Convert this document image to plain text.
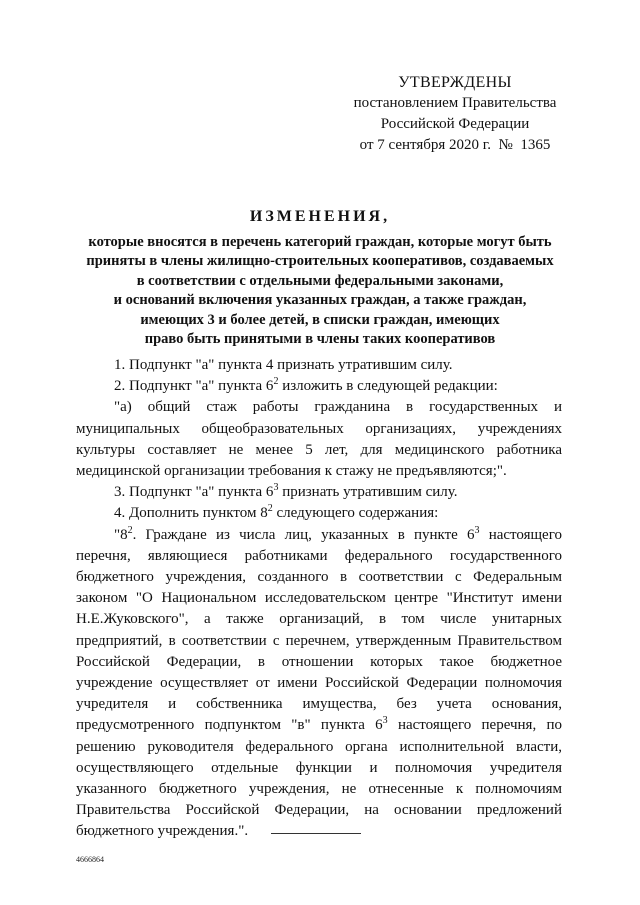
УТВЕРЖДЕНЫ
постановлением Правительства
Российской Федерации
от 7 сентября 2020 г.  №  1365
ИЗМЕНЕНИЯ,
которые вносятся в перечень категорий граждан, которые могут быть
приняты в члены жилищно-строительных кооперативов, создаваемых
в соответствии с отдельными федеральными законами,
и оснований включения указанных граждан, а также граждан,
имеющих 3 и более детей, в списки граждан, имеющих
право быть принятыми в члены таких кооперативов

1. Подпункт "а" пункта 4 признать утратившим силу.

2. Подпункт "а" пункта $6^2$ изложить в следующей редакции:

"а) общий стаж работы гражданина в государственных и муниципальных общеобразовательных организациях, учреждениях культуры составляет не менее 5 лет, для медицинского работника медицинской организации требования к стажу не предъявляются;".

3. Подпункт "а" пункта $6^3$ признать утратившим силу.

4. Дополнить пунктом $8^2$ следующего содержания:

"$8^2$. Граждане из числа лиц, указанных в пункте $6^3$ настоящего перечня, являющиеся работниками федерального государственного бюджетного учреждения, созданного в соответствии с Федеральным законом "О Национальном исследовательском центре "Институт имени Н.Е.Жуковского", а также организаций, в том числе унитарных предприятий, в соответствии с перечнем, утвержденным Правительством Российской Федерации, в отношении которых такое бюджетное учреждение осуществляет от имени Российской Федерации полномочия учредителя и собственника имущества, без учета основания, предусмотренного подпунктом "в" пункта $6^3$ настоящего перечня, по решению руководителя федерального органа исполнительной власти, осуществляющего отдельные функции и полномочия учредителя указанного бюджетного учреждения, не отнесенные к полномочиям Правительства Российской Федерации, на основании предложений бюджетного учреждения.".

4666864
